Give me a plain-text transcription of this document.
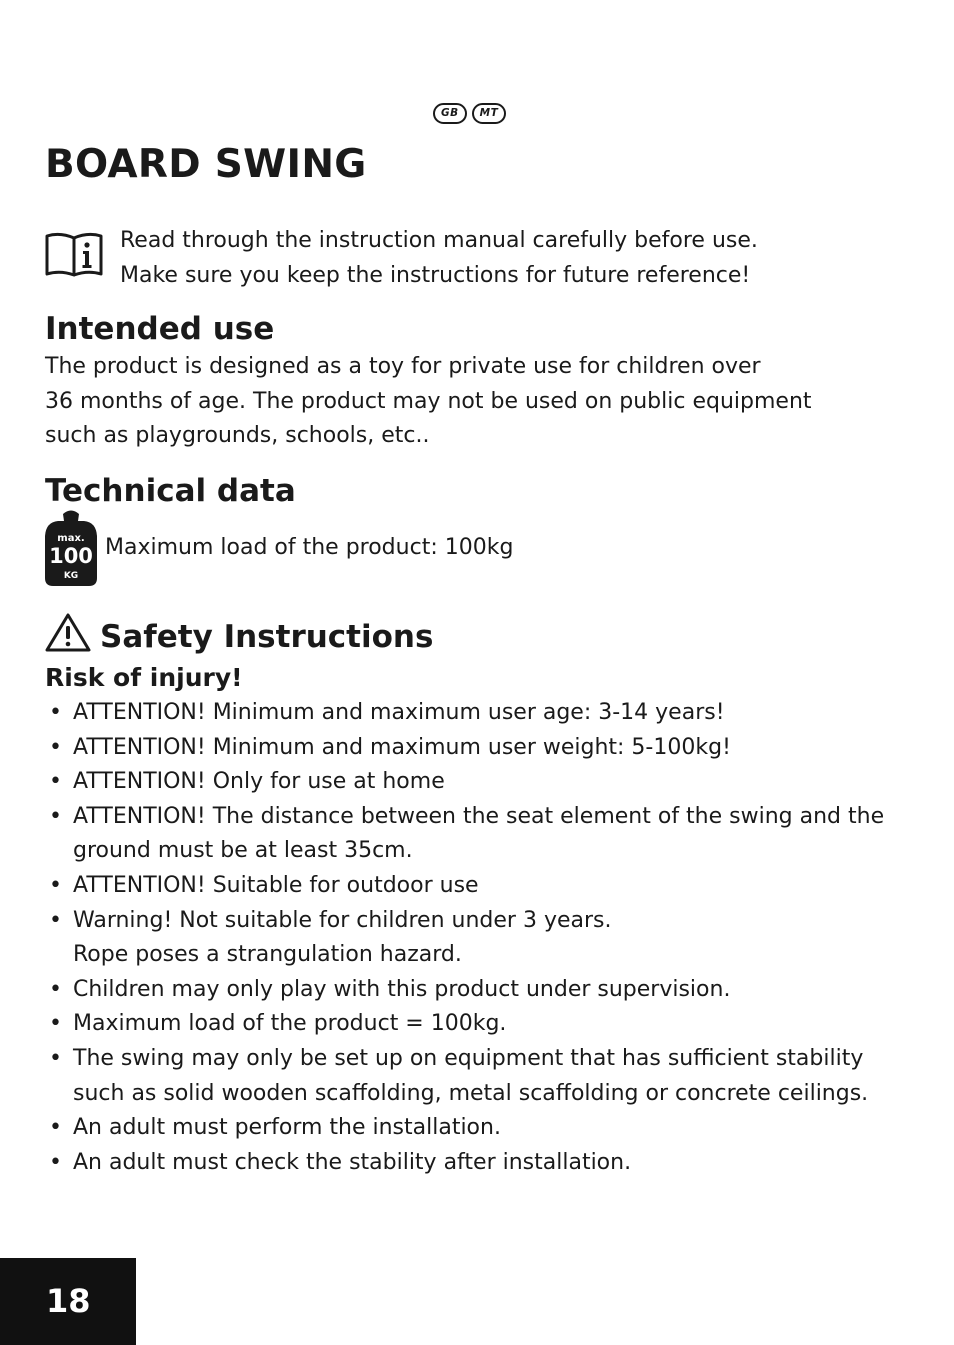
GB	MT
BOARD SWING
Read through the instruction manual carefully before use.
Make sure you keep the instructions for future reference!
Intended use
The product is designed as a toy for private use for children over
36 months of age. The product may not be used on public equipment
such as playgrounds, schools, etc..
Technical data
max.
100
KG
Maximum load of the product: 100kg
Safety Instructions
Risk of injury!
• ATTENTION! Minimum and maximum user age: 3-14 years!
• ATTENTION! Minimum and maximum user weight: 5-100kg!
• ATTENTION! Only for use at home
• ATTENTION! The distance between the seat element of the swing and the
ground must be at least 35cm.
• ATTENTION! Suitable for outdoor use
• Warning! Not suitable for children under 3 years.
Rope poses a strangulation hazard.
• Children may only play with this product under supervision.
• Maximum load of the product = 100kg.
• The swing may only be set up on equipment that has sufficient stability
such as solid wooden scaffolding, metal scaffolding or concrete ceilings.
• An adult must perform the installation.
• An adult must check the stability after installation.
18
